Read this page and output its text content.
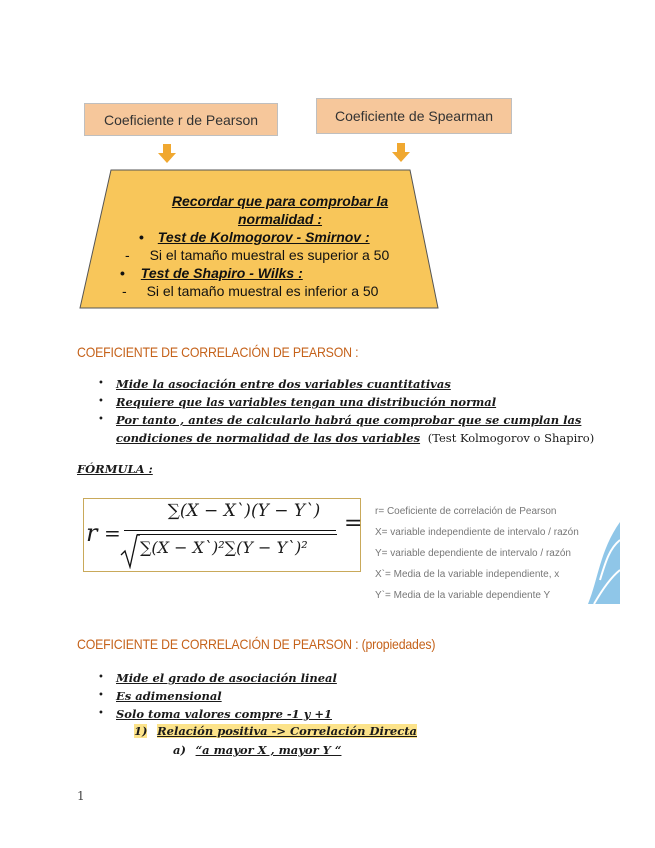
Coeficiente r de Pearson	Coeficiente de Spearman
Recordar que para comprobar la
normalidad :
• Test de Kolmogorov - Smirnov :
- Si el tamaño muestral es superior a 50
• Test de Shapiro - Wilks :
- Si el tamaño muestral es inferior a 50
COEFICIENTE DE CORRELACIÓN DE PEARSON :
• Mide la asociación entre dos variables cuantitativas
• Requiere que las variables tengan una distribución normal
• Por tanto , antes de calcularlo habrá que comprobar que se cumplan las
condiciones de normalidad de las dos variables (Test Kolmogorov o Shapiro)
FÓRMULA :
r =
∑(X − X`)(Y − Y`)
∑(X − X`)²∑(Y − Y`)²
= r= Coeficiente de correlación de Pearson
X= variable independiente de intervalo / razón
Y= variable dependiente de intervalo / razón
X`= Media de la variable independiente, x
Y`= Media de la variable dependiente Y
COEFICIENTE DE CORRELACIÓN DE PEARSON : (propiedades)
• Mide el grado de asociación lineal
• Es adimensional
• Solo toma valores compre -1 y +1
1) Relación positiva -> Correlación Directa
a) “a mayor X , mayor Y “
1
